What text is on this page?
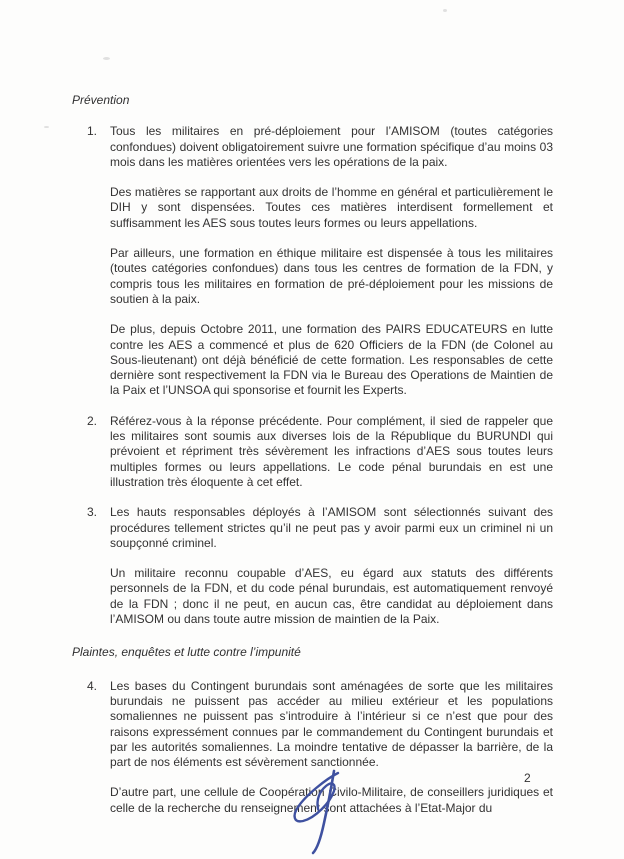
Prévention
1. Tous les militaires en pré-déploiement pour l’AMISOM (toutes catégories confondues) doivent obligatoirement suivre une formation spécifique d’au moins 03 mois dans les matières orientées vers les opérations de la paix.

Des matières se rapportant aux droits de l’homme en général et particulièrement le DIH y sont dispensées. Toutes ces matières interdisent formellement et suffisamment les AES sous toutes leurs formes ou leurs appellations.

Par ailleurs, une formation en éthique militaire est dispensée à tous les militaires (toutes catégories confondues) dans tous les centres de formation de la FDN, y compris tous les militaires en formation de pré-déploiement pour les missions de soutien à la paix.

De plus, depuis Octobre 2011, une formation des PAIRS EDUCATEURS en lutte contre les AES a commencé et plus de 620 Officiers de la FDN (de Colonel au Sous-lieutenant) ont déjà bénéficié de cette formation. Les responsables de cette dernière sont respectivement la FDN via le Bureau des Operations de Maintien de la Paix et l’UNSOA qui sponsorise et fournit les Experts.

2. Référez-vous à la réponse précédente. Pour complément, il sied de rappeler que les militaires sont soumis aux diverses lois de la République du BURUNDI qui prévoient et répriment très sévèrement les infractions d’AES sous toutes leurs multiples formes ou leurs appellations. Le code pénal burundais en est une illustration très éloquente à cet effet.

3. Les hauts responsables déployés à l’AMISOM sont sélectionnés suivant des procédures tellement strictes qu’il ne peut pas y avoir parmi eux un criminel ni un soupçonné criminel.

Un militaire reconnu coupable d’AES, eu égard aux statuts des différents personnels de la FDN, et du code pénal burundais, est automatiquement renvoyé de la FDN ; donc il ne peut, en aucun cas, être candidat au déploiement dans l’AMISOM ou dans toute autre mission de maintien de la Paix.

Plaintes, enquêtes et lutte contre l’impunité
4. Les bases du Contingent burundais sont aménagées de sorte que les militaires burundais ne puissent pas accéder au milieu extérieur et les populations somaliennes ne puissent pas s’introduire à l’intérieur si ce n’est que pour des raisons expressément connues par le commandement du Contingent burundais et par les autorités somaliennes. La moindre tentative de dépasser la barrière, de la part de nos éléments est sévèrement sanctionnée.

D’autre part, une cellule de Coopération Civilo-Militaire, de conseillers juridiques et celle de la recherche du renseignement sont attachées à l’Etat-Major du

2
